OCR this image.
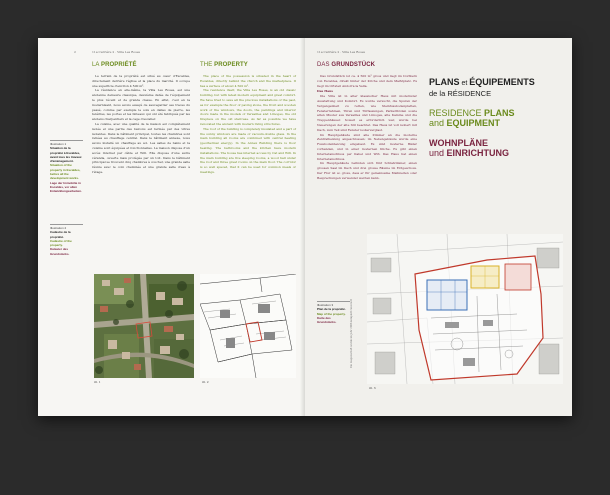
2	11a Carrière 2 · Villa Les Roses
LA PROPRIÉTÉ	THE PROPERTY

Le terrain de la propriété est situé au cœur d'Escaldes, directement derrière l'église et la place du marché. Il occupe une superficie d'environ 4 500 m².

La résidence en elle-même, la Villa Les Roses, est une ancienne demeure classique, deuxième datée de l'équipement le plus récent et de grande classe. En effet, c'est en la modernisant, nous avons essayé de sauvegarder ses traces du passé, comme par exemple le sols en dalles de pierre, les fenêtres, les portes et les linteaux qui ont été fabriqués par les anciens charpentiers et la cage d'escalier.

La cuisine, avec une qualité de la maison est complètement isolée et une partie des balcons est fermée par des vitres isolantes. Dans le bâtiment principal, toutes les chambres sont reliées au chauffage central. Dans le bâtiment annexe, nous avons installé un chauffage au sol. Les salles de bains et la cuisine sont équipées et fonctionnelles. La maison dispose d'un accès internet par câble et Wifi. Elle dispose d'une autre véranda, ouverte mais protégée par un toit. Dans le bâtiment principal se trouvent cinq chambres à coucher, une grande salle réunie avec le coin cheminée et une grande salle d'eau à l'étage.

The place of the possession is situated in the heart of Escaldes, directly behind the church and the marketplace. It has a surface of about 4 500 m².

The residence itself, the Villa Les Roses, is an old classic building, but with latest modern equipment and great comfort. We have tried to save all the precious installations of the past, as for example the floor of paving stone, the front and wooden work of the windows, the doors, the paintings and interior doors made in the models of Versailles and Limoges, the old fireplace on the old staircase. As far as possible we have renovated the ancient with modern living structures.

The roof of the building is completely insulated and a part of the sunny windows are made of vacuum-double glass. In the main building all rooms are combined with central heating (geothermal energy). In the Annex Building there is floor heating. The bathrooms and the kitchen have modern installations. The house has internet access by Cat and Wifi. In the main building are five sleeping rooms, a wood hall under the roof and three great rooms on the main floor. The corridor is so well spaced, that it can be used for common meals or meetings.

Illustration 1
Situation de la propriété à Escaldes, avant tous les travaux d'aménagement.
Situation of the property in Escaldes, before all the development works.
Lage der Immobilie in Escaldes, vor allen Entwicklungsarbeiten.
Illustration 2
Cadastre de la propriété.
Cadastre of the property.
Kataster des Grundstücks.
ill. 1	ill. 2
11a Carrière 2 · Villa Les Roses
DAS GRUNDSTÜCK

Das Grundstück ist ca. 4 500 m² gross und liegt im Dorfkern von Escaldes, direkt hinter der Kirche und dem Marktplatz. Es liegt im Ortsteil Andorra la Vella.

Das Haus

Die Villa ist in alter klassischer Haus mit modernster Ausstattung und Komfort. Es wurde versucht, die Spuren der Vergangenheit zu retten, wie Steinfussbodenplatten, Fensterrahmen, Türen und Türfassungen, Parkettböden sowie alten Muster aus Versailles und Limoges, alte Kamine und die Treppenhäuser. Soweit es erforderlich war, wurde bei Neuerungen der alte Stil beachtet. Das Haus ist voll isoliert mit Dach, zum Teil sind Fenster isolierverglast.

Im Hauptgebäude sind alle Zimmer an die moderne Zentralheizung angeschlossen; im Nebengebäude wurde eine Fussbodenheizung eingebaut. Es sind moderne Bäder vorhanden, und in einer modernen Küche. Es gibt einen Internetanschluss per Kabel und Wifi. Das Haus hat einen Internetanschluss.

Im Hauptgebäude befinden sich fünf Schlafzimmer, einen grossen Saal im Dach und drei grosse Räume im Erdgeschoss. Der Flur ist so gross, dass er für gemeinsame Mahlzeiten oder Besprechungen verwendet werden kann.

PLANS et ÉQUIPEMENTS
de la RÉSIDENCE
RESIDENCE PLANS
and EQUIPMENT
WOHNPLÄNE
und EINRICHTUNG
Illustration 3
Plan de la propriété.
Map of the property.
Karte des Grundstücks.	Die Liegenschaft wurde im Jahr 2008 komplett renoviert
ill. 3
